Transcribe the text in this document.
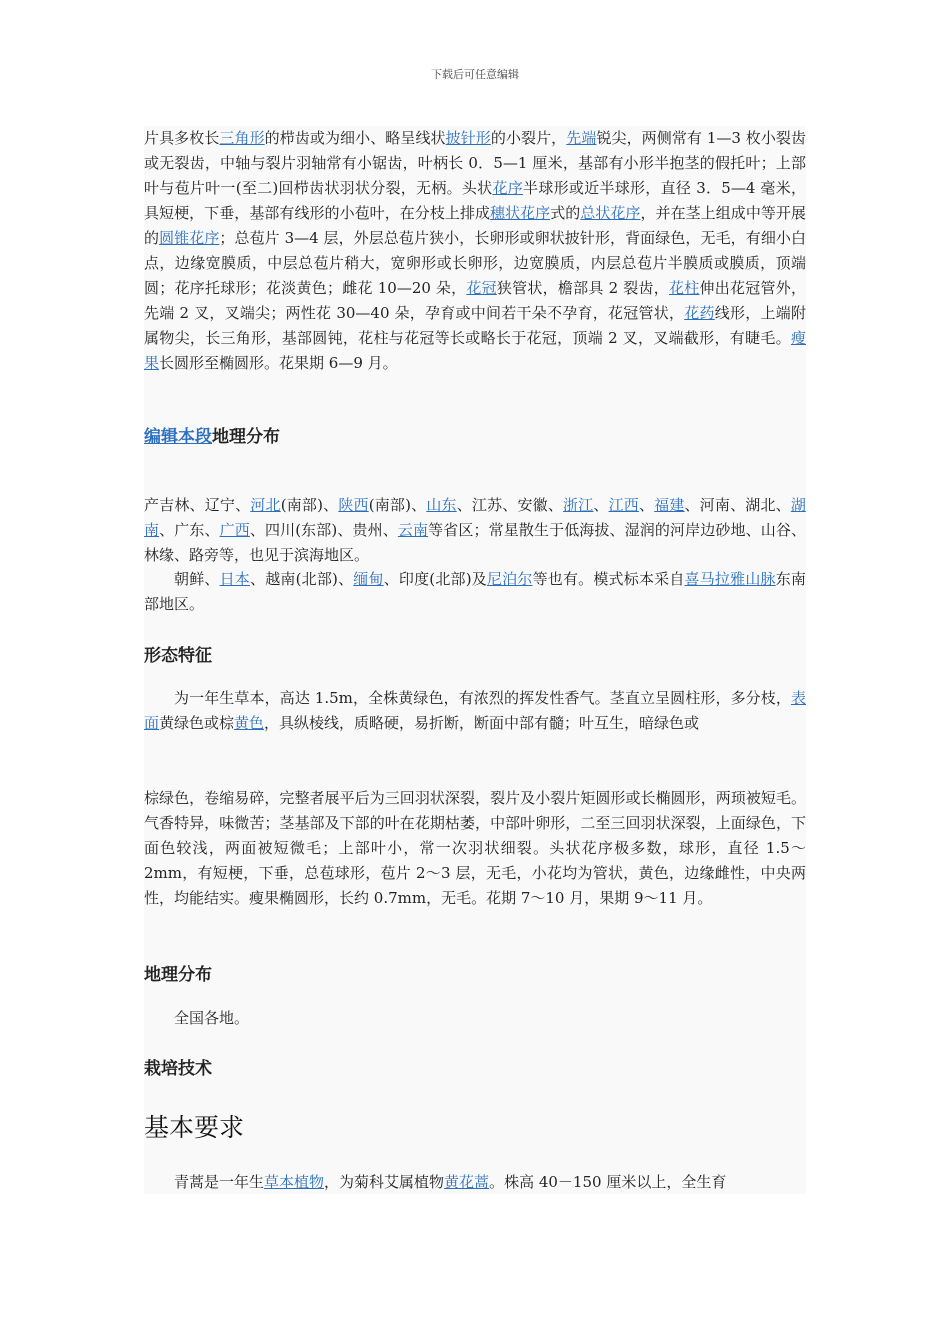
下载后可任意编辑

片具多枚长三角形的栉齿或为细小、略呈线状披针形的小裂片，先端锐尖，两侧常有 1—3 枚小裂齿或无裂齿，中轴与裂片羽轴常有小锯齿，叶柄长 0．5—1 厘米，基部有小形半抱茎的假托叶；上部叶与苞片叶一(至二)回栉齿状羽状分裂，无柄。头状花序半球形或近半球形，直径 3．5—4 毫米，具短梗，下垂，基部有线形的小苞叶，在分枝上排成穗状花序式的总状花序，并在茎上组成中等开展的圆锥花序；总苞片 3—4 层，外层总苞片狭小，长卵形或卵状披针形，背面绿色，无毛，有细小白点，边缘宽膜质，中层总苞片稍大，宽卵形或长卵形，边宽膜质，内层总苞片半膜质或膜质，顶端圆；花序托球形；花淡黄色；雌花 10—20 朵，花冠狭管状，檐部具 2 裂齿，花柱伸出花冠管外，先端 2 叉，叉端尖；两性花 30—40 朵，孕育或中间若干朵不孕育，花冠管状，花药线形，上端附属物尖，长三角形，基部圆钝，花柱与花冠等长或略长于花冠，顶端 2 叉，叉端截形，有睫毛。瘦果长圆形至椭圆形。花果期 6—9 月。

编辑本段地理分布

产吉林、辽宁、河北(南部)、陕西(南部)、山东、江苏、安徽、浙江、江西、福建、河南、湖北、湖南、广东、广西、四川(东部)、贵州、云南等省区；常星散生于低海拔、湿润的河岸边砂地、山谷、林缘、路旁等，也见于滨海地区。

朝鲜、日本、越南(北部)、缅甸、印度(北部)及尼泊尔等也有。模式标本采自喜马拉雅山脉东南部地区。

形态特征

为一年生草本，高达 1.5m，全株黄绿色，有浓烈的挥发性香气。茎直立呈圆柱形，多分枝，表面黄绿色或棕黄色，具纵棱线，质略硬，易折断，断面中部有髓；叶互生，暗绿色或

棕绿色，卷缩易碎，完整者展平后为三回羽状深裂，裂片及小裂片矩圆形或长椭圆形，两顼被短毛。气香特异，味微苦；茎基部及下部的叶在花期枯萎，中部叶卵形，二至三回羽状深裂，上面绿色，下面色较浅，两面被短微毛；上部叶小，常一次羽状细裂。头状花序极多数，球形，直径 1.5～2mm，有短梗，下垂，总苞球形，苞片 2～3 层，无毛，小花均为管状，黄色，边缘雌性，中央两性，均能结实。瘦果椭圆形，长约 0.7mm，无毛。花期 7～10 月，果期 9～11 月。

地理分布

全国各地。

栽培技术
基本要求

青蒿是一年生草本植物，为菊科艾属植物黄花蒿。株高 40－150 厘米以上，全生育
